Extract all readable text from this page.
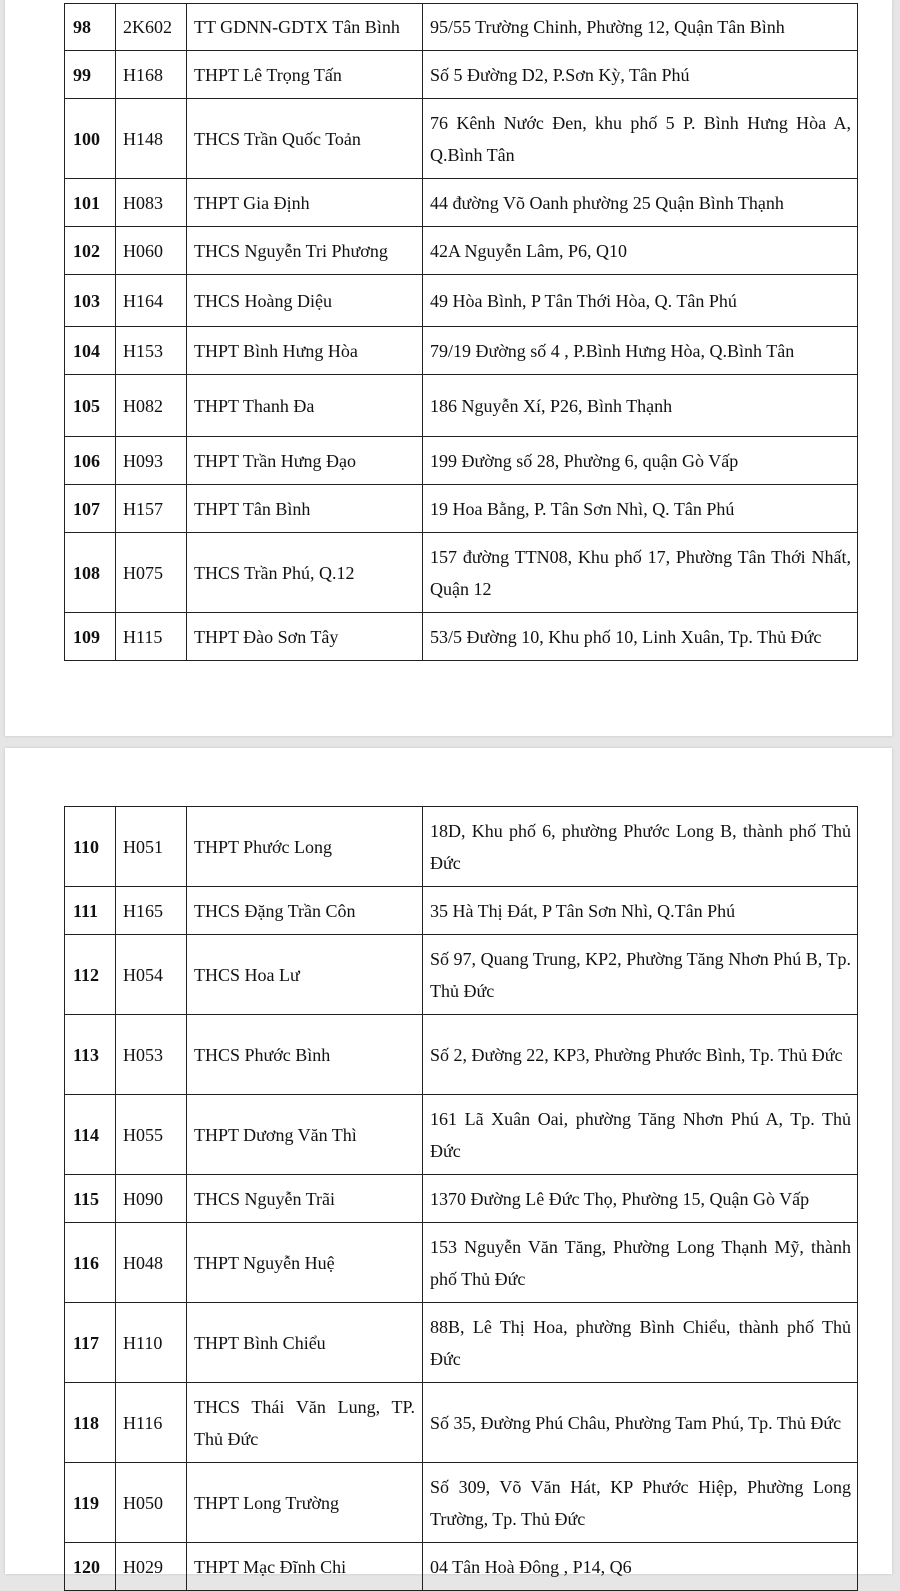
98	2K602	TT GDNN-GDTX Tân Bình	95/55 Trường Chinh, Phường 12, Quận Tân Bình
99	H168	THPT Lê Trọng Tấn	Số 5 Đường D2, P.Sơn Kỳ, Tân Phú
100	H148	THCS Trần Quốc Toản	76 Kênh Nước Đen, khu phố 5 P. Bình Hưng Hòa A, Q.Bình Tân
101	H083	THPT Gia Định	44 đường Võ Oanh phường 25 Quận Bình Thạnh
102	H060	THCS Nguyễn Tri Phương	42A Nguyễn Lâm, P6, Q10
103	H164	THCS Hoàng Diệu	49 Hòa Bình, P Tân Thới Hòa, Q. Tân Phú
104	H153	THPT Bình Hưng Hòa	79/19 Đường số 4 , P.Bình Hưng Hòa, Q.Bình Tân
105	H082	THPT Thanh Đa	186 Nguyễn Xí, P26, Bình Thạnh
106	H093	THPT Trần Hưng Đạo	199 Đường số 28, Phường 6, quận Gò Vấp
107	H157	THPT Tân Bình	19 Hoa Bằng, P. Tân Sơn Nhì, Q. Tân Phú
108	H075	THCS Trần Phú, Q.12	157 đường TTN08, Khu phố 17, Phường Tân Thới Nhất, Quận 12
109	H115	THPT Đào Sơn Tây	53/5 Đường 10, Khu phố 10, Linh Xuân, Tp. Thủ Đức
110	H051	THPT Phước Long	18D, Khu phố 6, phường Phước Long B, thành phố Thủ Đức
111	H165	THCS Đặng Trần Côn	35 Hà Thị Đát, P Tân Sơn Nhì, Q.Tân Phú
112	H054	THCS Hoa Lư	Số 97, Quang Trung, KP2, Phường Tăng Nhơn Phú B, Tp. Thủ Đức
113	H053	THCS Phước Bình	Số 2, Đường 22, KP3, Phường Phước Bình, Tp. Thủ Đức
114	H055	THPT Dương Văn Thì	161 Lã Xuân Oai, phường Tăng Nhơn Phú A, Tp. Thủ Đức
115	H090	THCS Nguyễn Trãi	1370 Đường Lê Đức Thọ, Phường 15, Quận Gò Vấp
116	H048	THPT Nguyễn Huệ	153 Nguyễn Văn Tăng, Phường Long Thạnh Mỹ, thành phố Thủ Đức
117	H110	THPT Bình Chiểu	88B, Lê Thị Hoa, phường Bình Chiểu, thành phố Thủ Đức
118	H116	THCS Thái Văn Lung, TP. Thủ Đức	Số 35, Đường Phú Châu, Phường Tam Phú, Tp. Thủ Đức
119	H050	THPT Long Trường	Số 309, Võ Văn Hát, KP Phước Hiệp, Phường Long Trường, Tp. Thủ Đức
120	H029	THPT Mạc Đĩnh Chi	04 Tân Hoà Đông , P14, Q6
